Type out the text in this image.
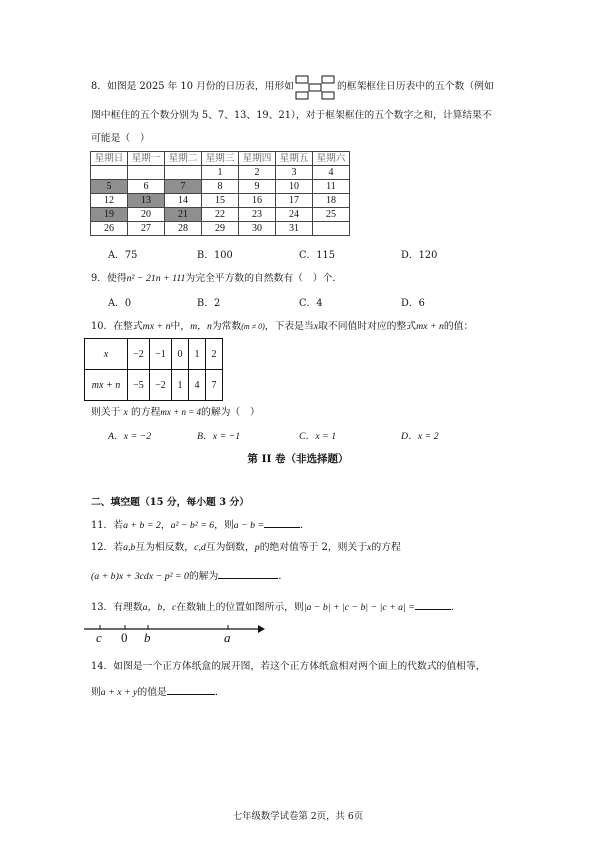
8．如图是 2025 年 10 月份的日历表，用形如	的框架框住日历表中的五个数（例如
图中框住的五个数分别为 5、7、13、19、21），对于框架框住的五个数字之和，计算结果不
可能是（　）
星期日	星期一	星期二	星期三	星期四	星期五	星期六
			1	2	3	4
5	6	7	8	9	10	11
12	13	14	15	16	17	18
19	20	21	22	23	24	25
26	27	28	29	30	31	
A．75	B．100	C．115	D．120
9．使得n² − 21n + 111为完全平方数的自然数有（　）个．
A．0	B．2	C．4	D．6
10．在整式mx + n中，m，n为常数(m ≠ 0)，下表是当x取不同值时对应的整式mx + n的值：
x	−2	−1	0	1	2
mx + n	−5	−2	1	4	7
则关于 x 的方程mx + n = 4的解为（　）
A．x = −2	B．x = −1	C．x = 1	D．x = 2
第 II 卷（非选择题）
二、填空题（15 分，每小题 3 分）
11．若a + b = 2，a² − b² = 6，则a − b =	．
12．若a,b互为相反数，c,d互为倒数，p的绝对值等于 2，则关于x的方程
(a + b)x + 3cdx − p² = 0的解为	．
13．有理数a，b，c在数轴上的位置如图所示，则|a − b| + |c − b| − |c + a| =	．
c 0 b	a
14．如图是一个正方体纸盒的展开图，若这个正方体纸盒相对两个面上的代数式的值相等，
则a + x + y的值是	．
七年级数学试卷第 2页，共 6页
